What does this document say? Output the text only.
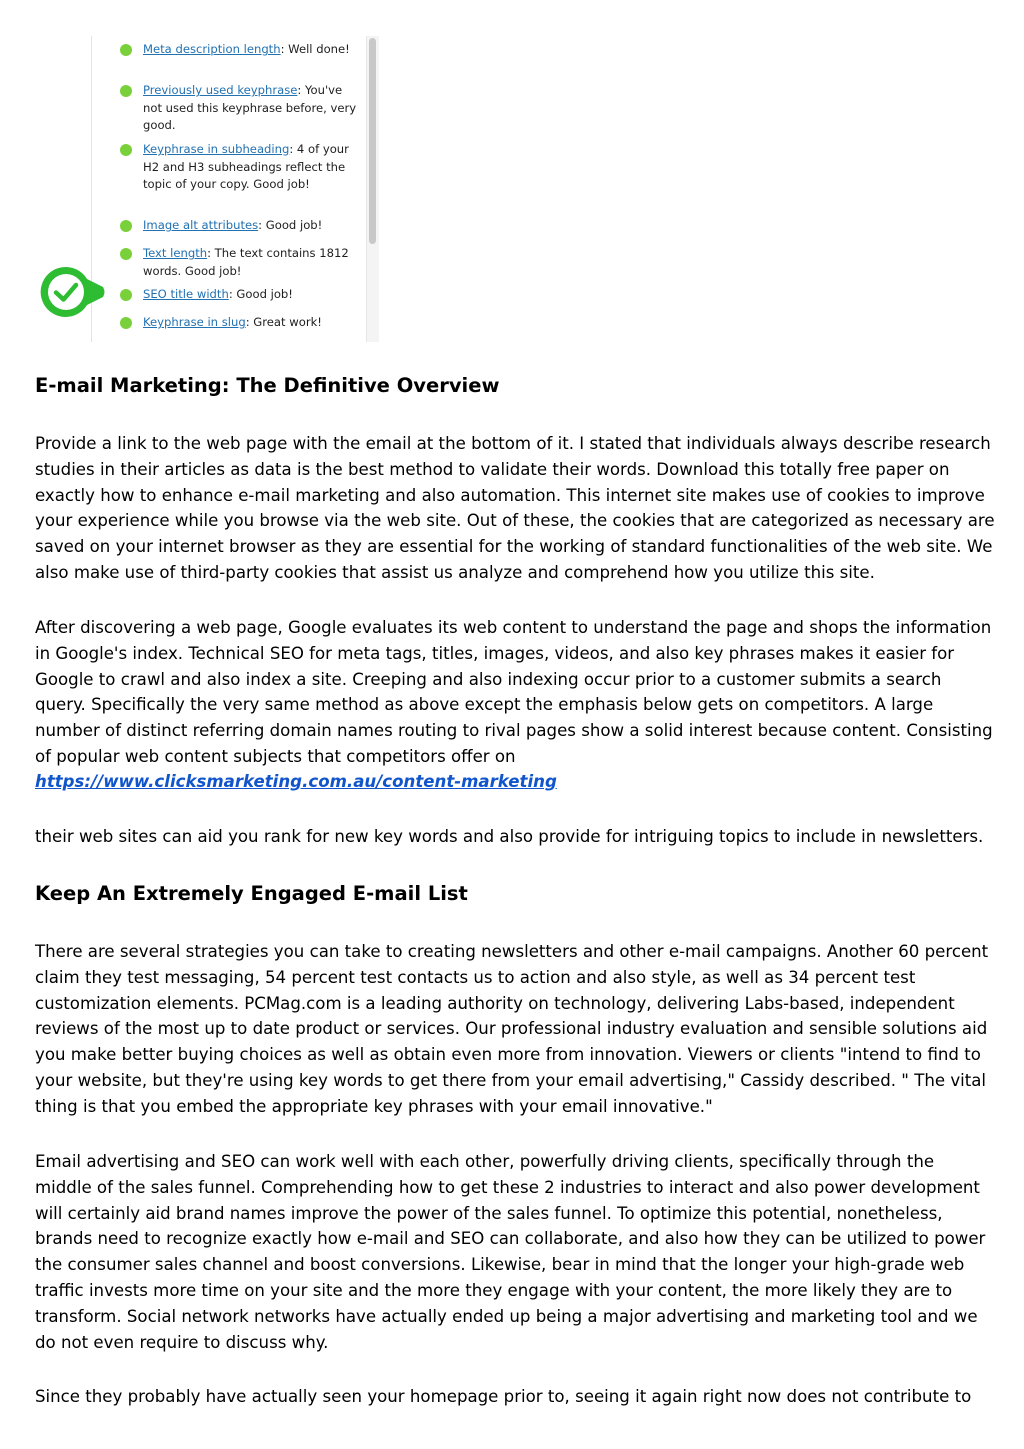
Meta description length: Well done!
Previously used keyphrase: You've not used this keyphrase before, very good.
Keyphrase in subheading: 4 of your H2 and H3 subheadings reflect the topic of your copy. Good job!
Image alt attributes: Good job!
Text length: The text contains 1812 words. Good job!
SEO title width: Good job!
Keyphrase in slug: Great work!
E-mail Marketing: The Definitive Overview

Provide a link to the web page with the email at the bottom of it. I stated that individuals always describe research studies in their articles as data is the best method to validate their words. Download this totally free paper on exactly how to enhance e-mail marketing and also automation. This internet site makes use of cookies to improve your experience while you browse via the web site. Out of these, the cookies that are categorized as necessary are saved on your internet browser as they are essential for the working of standard functionalities of the web site. We also make use of third-party cookies that assist us analyze and comprehend how you utilize this site.

After discovering a web page, Google evaluates its web content to understand the page and shops the information in Google's index. Technical SEO for meta tags, titles, images, videos, and also key phrases makes it easier for Google to crawl and also index a site. Creeping and also indexing occur prior to a customer submits a search query. Specifically the very same method as above except the emphasis below gets on competitors. A large number of distinct referring domain names routing to rival pages show a solid interest because content. Consisting of popular web content subjects that competitors offer on

https://www.clicksmarketing.com.au/content-marketing

their web sites can aid you rank for new key words and also provide for intriguing topics to include in newsletters.

Keep An Extremely Engaged E-mail List

There are several strategies you can take to creating newsletters and other e-mail campaigns. Another 60 percent claim they test messaging, 54 percent test contacts us to action and also style, as well as 34 percent test customization elements. PCMag.com is a leading authority on technology, delivering Labs-based, independent reviews of the most up to date product or services. Our professional industry evaluation and sensible solutions aid you make better buying choices as well as obtain even more from innovation. Viewers or clients "intend to find to your website, but they're using key words to get there from your email advertising," Cassidy described. " The vital thing is that you embed the appropriate key phrases with your email innovative."

Email advertising and SEO can work well with each other, powerfully driving clients, specifically through the middle of the sales funnel. Comprehending how to get these 2 industries to interact and also power development will certainly aid brand names improve the power of the sales funnel. To optimize this potential, nonetheless, brands need to recognize exactly how e-mail and SEO can collaborate, and also how they can be utilized to power the consumer sales channel and boost conversions. Likewise, bear in mind that the longer your high-grade web traffic invests more time on your site and the more they engage with your content, the more likely they are to transform. Social network networks have actually ended up being a major advertising and marketing tool and we do not even require to discuss why.

Since they probably have actually seen your homepage prior to, seeing it again right now does not contribute to
